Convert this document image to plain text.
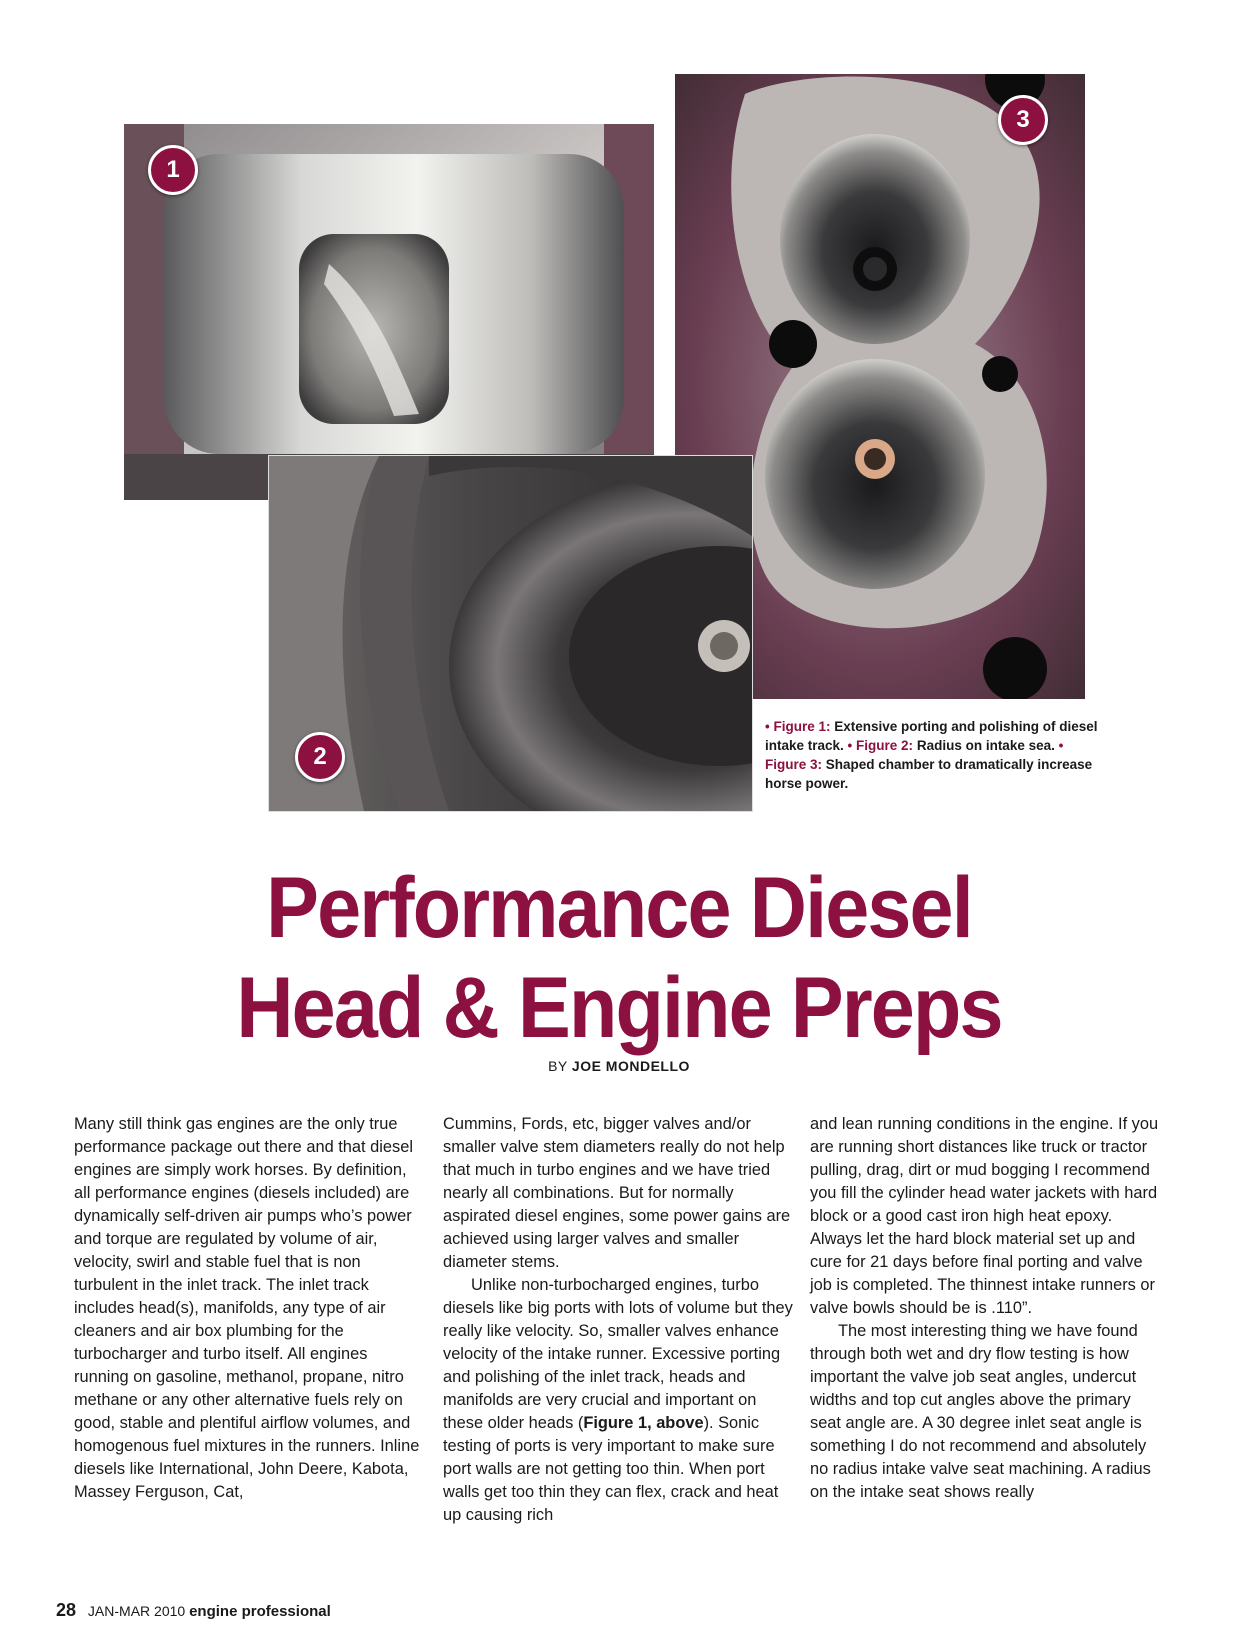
1
3
2
• Figure 1: Extensive porting and polishing of diesel intake track. • Figure 2: Radius on intake sea. • Figure 3: Shaped chamber to dramatically increase horse power.
Performance Diesel
Head & Engine Preps
BY JOE MONDELLO

Many still think gas engines are the only true performance package out there and that diesel engines are simply work horses. By definition, all performance engines (diesels included) are dynamically self-driven air pumps who’s power and torque are regulated by volume of air, velocity, swirl and stable fuel that is non turbulent in the inlet track. The inlet track includes head(s), manifolds, any type of air cleaners and air box plumbing for the turbocharger and turbo itself. All engines running on gasoline, methanol, propane, nitro methane or any other alternative fuels rely on good, stable and plentiful airflow volumes, and homogenous fuel mixtures in the runners. Inline diesels like International, John Deere, Kabota, Massey Ferguson, Cat,

Cummins, Fords, etc, bigger valves and/or smaller valve stem diameters really do not help that much in turbo engines and we have tried nearly all combinations. But for normally aspirated diesel engines, some power gains are achieved using larger valves and smaller diameter stems.

Unlike non-turbocharged engines, turbo diesels like big ports with lots of volume but they really like velocity. So, smaller valves enhance velocity of the intake runner. Excessive porting and polishing of the inlet track, heads and manifolds are very crucial and important on these older heads (Figure 1, above). Sonic testing of ports is very important to make sure port walls are not getting too thin. When port walls get too thin they can flex, crack and heat up causing rich

and lean running conditions in the engine. If you are running short distances like truck or tractor pulling, drag, dirt or mud bogging I recommend you fill the cylinder head water jackets with hard block or a good cast iron high heat epoxy. Always let the hard block material set up and cure for 21 days before final porting and valve job is completed. The thinnest intake runners or valve bowls should be is .110”.

The most interesting thing we have found through both wet and dry flow testing is how important the valve job seat angles, undercut widths and top cut angles above the primary seat angle are. A 30 degree inlet seat angle is something I do not recommend and absolutely no radius intake valve seat machining. A radius on the intake seat shows really

28 JAN-MAR 2010 engine professional
